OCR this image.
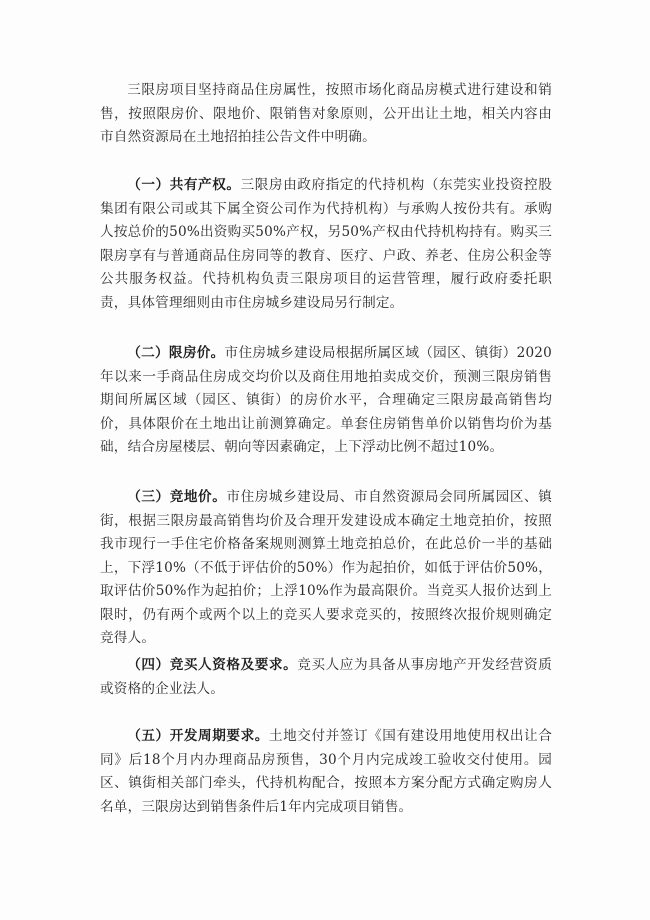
三限房项目坚持商品住房属性，按照市场化商品房模式进行建设和销售，按照限房价、限地价、限销售对象原则，公开出让土地，相关内容由市自然资源局在土地招拍挂公告文件中明确。

（一）共有产权。三限房由政府指定的代持机构（东莞实业投资控股集团有限公司或其下属全资公司作为代持机构）与承购人按份共有。承购人按总价的50%出资购买50%产权，另50%产权由代持机构持有。购买三限房享有与普通商品住房同等的教育、医疗、户政、养老、住房公积金等公共服务权益。代持机构负责三限房项目的运营管理，履行政府委托职责，具体管理细则由市住房城乡建设局另行制定。

（二）限房价。市住房城乡建设局根据所属区域（园区、镇街）2020年以来一手商品住房成交均价以及商住用地拍卖成交价，预测三限房销售期间所属区域（园区、镇街）的房价水平，合理确定三限房最高销售均价，具体限价在土地出让前测算确定。单套住房销售单价以销售均价为基础，结合房屋楼层、朝向等因素确定，上下浮动比例不超过10%。

（三）竞地价。市住房城乡建设局、市自然资源局会同所属园区、镇街，根据三限房最高销售均价及合理开发建设成本确定土地竞拍价，按照我市现行一手住宅价格备案规则测算土地竞拍总价，在此总价一半的基础上，下浮10%（不低于评估价的50%）作为起拍价，如低于评估价50%，取评估价50%作为起拍价；上浮10%作为最高限价。当竞买人报价达到上限时，仍有两个或两个以上的竞买人要求竞买的，按照终次报价规则确定竞得人。

（四）竞买人资格及要求。竞买人应为具备从事房地产开发经营资质或资格的企业法人。

（五）开发周期要求。土地交付并签订《国有建设用地使用权出让合同》后18个月内办理商品房预售，30个月内完成竣工验收交付使用。园区、镇街相关部门牵头，代持机构配合，按照本方案分配方式确定购房人名单，三限房达到销售条件后1年内完成项目销售。
